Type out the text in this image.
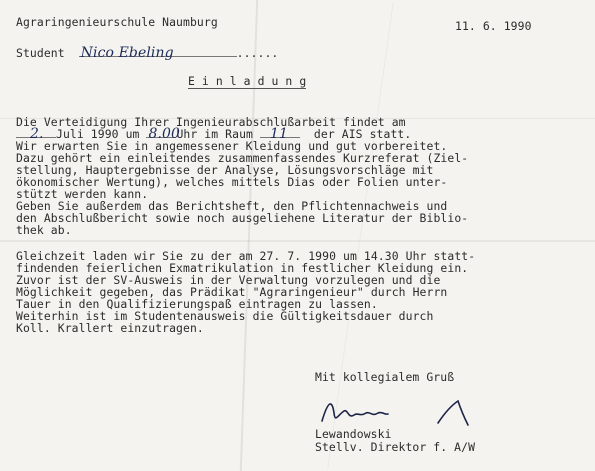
Agraringenieurschule Naumburg	11. 6. 1990
Student Nico Ebeling	......
E i n l a d u n g
Die Verteidigung Ihrer Ingenieurabschlußarbeit findet am
2. Juli 1990 um 8.00
Uhr im Raum 11 der AIS statt.
Wir erwarten Sie in angemessener Kleidung und gut vorbereitet.
Dazu gehört ein einleitendes zusammenfassendes Kurzreferat (Ziel-
stellung, Hauptergebnisse der Analyse, Lösungsvorschläge mit
ökonomischer Wertung), welches mittels Dias oder Folien unter-
stützt werden kann.
Geben Sie außerdem das Berichtsheft, den Pflichtennachweis und
den Abschlußbericht sowie noch ausgeliehene Literatur der Biblio-
thek ab.
Gleichzeit laden wir Sie zu der am 27. 7. 1990 um 14.30 Uhr statt-
findenden feierlichen Exmatrikulation in festlicher Kleidung ein.
Zuvor ist der SV-Ausweis in der Verwaltung vorzulegen und die
Möglichkeit gegeben, das Prädikat "Agraringenieur" durch Herrn
Tauer in den Qualifizierungspaß eintragen zu lassen.
Weiterhin ist im Studentenausweis die Gültigkeitsdauer durch
Koll. Krallert einzutragen.
Mit kollegialem Gruß
Lewandowski
Stellv. Direktor f. A/W
